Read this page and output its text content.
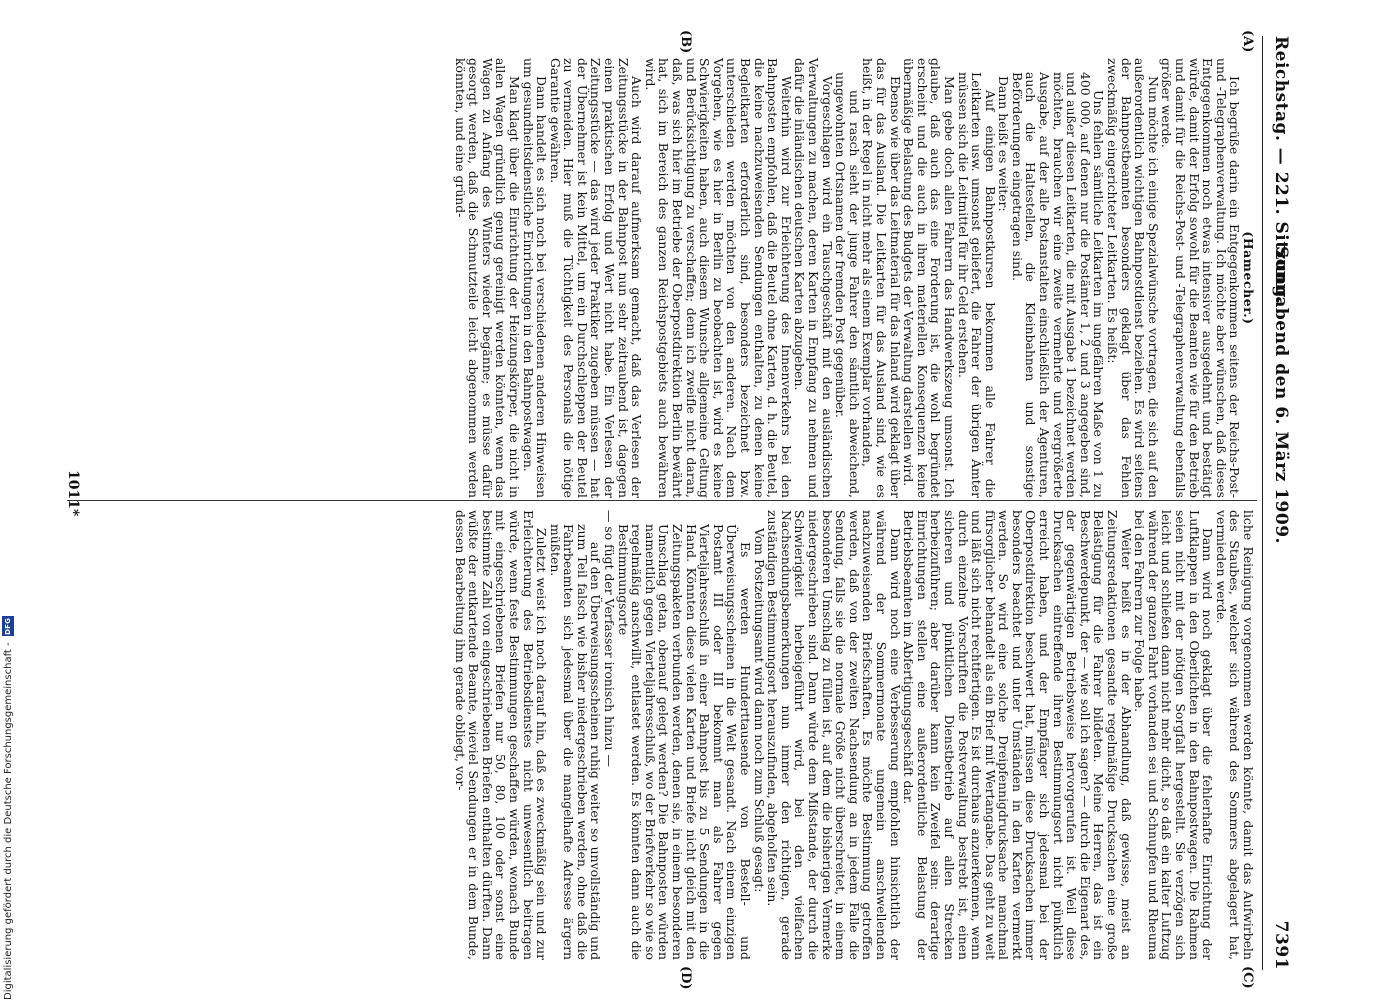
Reichstag. — 221. Sitzung.
Sonnabend den 6. März 1909.
7391
(A)
(B)
(C)
(D)

(Hamecher.)

Ich begrüße darin ein Entgegenkommen seitens der Reichs-Post- und -Telegraphenverwaltung. Ich möchte aber wünschen, daß dieses Entgegenkommen noch etwas intensiver ausgedehnt und bestätigt würde, damit der Erfolg sowohl für die Beamten wie für den Betrieb und damit für die Reichs-Post- und -Telegraphenverwaltung ebenfalls größer werde.

Nun möchte ich einige Spezialwünsche vortragen, die sich auf den außerordentlich wichtigen Bahnpostdienst beziehen. Es wird seitens der Bahnpostbeamten besonders geklagt über das Fehlen zweckmäßig eingerichteter Leitkarten. Es heißt:

Uns fehlen sämtliche Leitkarten im ungefähren Maße von 1 zu 400 000, auf denen nur die Postämter 1, 2 und 3 angegeben sind, und außer diesen Leitkarten, die mit Ausgabe 1 bezeichnet werden möchten, brauchen wir eine zweite vermehrte und vergrößerte Ausgabe, auf der alle Postanstalten einschließlich der Agenturen, auch die Haltestellen, die Kleinbahnen und sonstige Beförderungen eingetragen sind.

Dann heißt es weiter:

Auf einigen Bahnpostkursen bekommen alle Fahrer die Leitkarten usw. umsonst geliefert, die Fahrer der übrigen Ämter müssen sich die Leitmittel für ihr Geld erstehen.

Man gebe doch allen Fahrern das Handwerkszeug umsonst. Ich glaube, daß auch das eine Forderung ist, die wohl begründet erscheint und die auch in ihren materiellen Konsequenzen keine übermäßige Belastung des Budgets der Verwaltung darstellen wird.

Ebenso wie über das Leitmaterial für das Inland wird geklagt über das für das Ausland. Die Leitkarten für das Ausland sind, wie es heißt, in der Regel in nicht mehr als einem Exemplar vorhanden,

und rasch sieht der junge Fahrer den sämtlich abweichend, ungewohnten Ortsnamen der fremden Post gegenüber.

Vorgeschlagen wird ein Tauschgeschäft mit den ausländischen Verwaltungen zu machen, deren Karten in Empfang zu nehmen und dafür die inländischen deutschen Karten abzugeben.

Weiterhin wird zur Erleichterung des Innenverkehrs bei den Bahnposten empfohlen, daß die Beutel ohne Karten, d. h. die Beutel, die keine nachzuweisenden Sendungen enthalten, zu denen keine Begleitkarten erforderlich sind, besonders bezeichnet bzw. unterschieden werden möchten von den anderen. Nach dem Vorgehen, wie es hier in Berlin zu beobachten ist, wird es keine Schwierigkeiten haben, auch diesem Wunsche allgemeine Geltung und Berücksichtigung zu verschaffen; denn ich zweifle nicht daran, daß, was sich hier im Betriebe der Oberpostdirektion Berlin bewährt hat, sich im Bereich des ganzen Reichspostgebiets auch bewähren wird.

Auch wird darauf aufmerksam gemacht, daß das Verlesen der Zeitungsstücke in der Bahnpost nun sehr zeitraubend ist, dagegen einen praktischen Erfolg und Wert nicht habe. Ein Verlesen der Zeitungsstücke — das wird jeder Praktiker zugeben müssen — hat der Übernehmer ist kein Mittel, um ein Durchschleppen der Beutel zu vermeiden. Hier muß die Tüchtigkeit des Personals die nötige Garantie gewähren.

Dann handelt es sich noch bei verschiedenen anderen Hinweisen um gesundheitsdienstliche Einrichtungen in den Bahnpostwagen.

Man klagt über die Einrichtung der Heizungskörper, die nicht in allen Wagen gründlich genug gereinigt werden könnten, wenn das Wagen zu Anfang des Winters wieder begänne; es müsse dafür gesorgt werden, daß die Schmutzteile leicht abgenommen werden könnten, und eine gründ-

liche Reinigung vorgenommen werden könnte, damit das Aufwirbeln des Staubes, welcher sich während des Sommers abgelagert hat, vermieden werde.

Dann wird noch geklagt über die fehlerhafte Einrichtung der Luftklappen in den Oberlichten in den Bahnpostwagen. Die Rahmen seien nicht mit der nötigen Sorgfalt hergestellt. Sie verzögen sich leicht und schließen dann nicht mehr dicht, so daß ein kalter Luftzug während der ganzen Fahrt vorhanden sei und Schnupfen und Rheuma bei den Fahrern zur Folge habe.

Weiter heißt es in der Abhandlung, daß gewisse, meist an Zeitungsredaktionen gesandte regelmäßige Drucksachen eine große Belästigung für die Fahrer bildeten. Meine Herren, das ist ein Beschwerdepunkt, der — wie soll ich sagen? — durch die Eigenart des, der gegenwärtigen Betriebsweise hervorgerufen ist. Weil diese Drucksachen eintreffende ihren Bestimmungsort nicht pünktlich erreicht haben, und der Empfänger sich jedesmal bei der Oberpostdirektion beschwert hat, müssen diese Drucksachen immer besonders beachtet und unter Umständen in den Karten vermerkt werden. So wird eine solche Dreipfennigdrucksache manchmal fürsorglicher behandelt als ein Brief mit Wertangabe. Das geht zu weit und läßt sich nicht rechtfertigen. Es ist durchaus anzuerkennen, wenn durch einzelne Vorschriften die Postverwaltung bestrebt ist, einen sicheren und pünktlichen Dienstbetrieb auf allen Strecken herbeizuführen; aber darüber kann kein Zweifel sein: derartige Einrichtungen stellen eine außerordentliche Belastung der Betriebsbeamten im Abfertigungsgeschäft dar.

Dann wird noch eine Verbesserung empfohlen hinsichtlich der während der Sommermonate ungemein anschwellenden nachzuweisenden Briefschaften. Es möchte Bestimmung getroffen werden, daß von der zweiten Nachsendung an in jedem Falle die Sendung, falls sie die normale Größe nicht überschreitet, in einem besonderen Umschlag zu füllen ist, auf dem die bisherigen Vermerke niedergeschrieben sind. Dann würde dem Mißstande, der durch die Schwierigkeit herbeigeführt wird, bei den vielfachen Nachsendungsbemerkungen nun immer den richtigen, gerade zuständigen Bestimmungsort herauszufinden, abgeholfen sein.

Vom Postzeitungsamt wird dann noch zum Schluß gesagt:

Es werden Hunderttausende von Bestell- und Überweisungsscheinen in die Welt gesandt. Nach einem einzigen Postamt III oder III bekommt man als Fahrer gegen Vierteljahresschluß in einer Bahnpost bis zu 5 Sendungen in die Hand. Könnten diese vielen Karten und Briefe nicht gleich mit den Zeitungspaketen verbunden werden, denen sie, in einem besonderen Umschlag getan, obenauf gelegt werden? Die Bahnposten würden namentlich gegen Vierteljahresschluß, wo der Briefverkehr so wie so regelmäßig anschwillt, entlastet werden. Es könnten dann auch die Bestimmungsorte

— so fügt der Verfasser ironisch hinzu —

auf den Überweisungsscheinen ruhig weiter so unvollständig und zum Teil falsch wie bisher niedergeschrieben werden, ohne daß die Fahrbeamten sich jedesmal über die mangelhafte Adresse ärgern müßten.

Zuletzt weist ich noch darauf hin, daß es zweckmäßig sein und zur Erleichterung des Betriebsdienstes nicht unwesentlich beitragen würde, wenn feste Bestimmungen geschaffen würden, wonach Bunde mit eingeschriebenen Briefen nur 50, 80, 100 oder sonst eine bestimmte Zahl von eingeschriebenen Briefen enthalten dürften. Dann wüßte der entkartende Beamte, wieviel Sendungen er in dem Bunde, dessen Bearbeitung ihm gerade obliegt, vor-

1011*
Digitalisierung gefördert durch die Deutsche Forschungsgemeinschaft -
DFG
